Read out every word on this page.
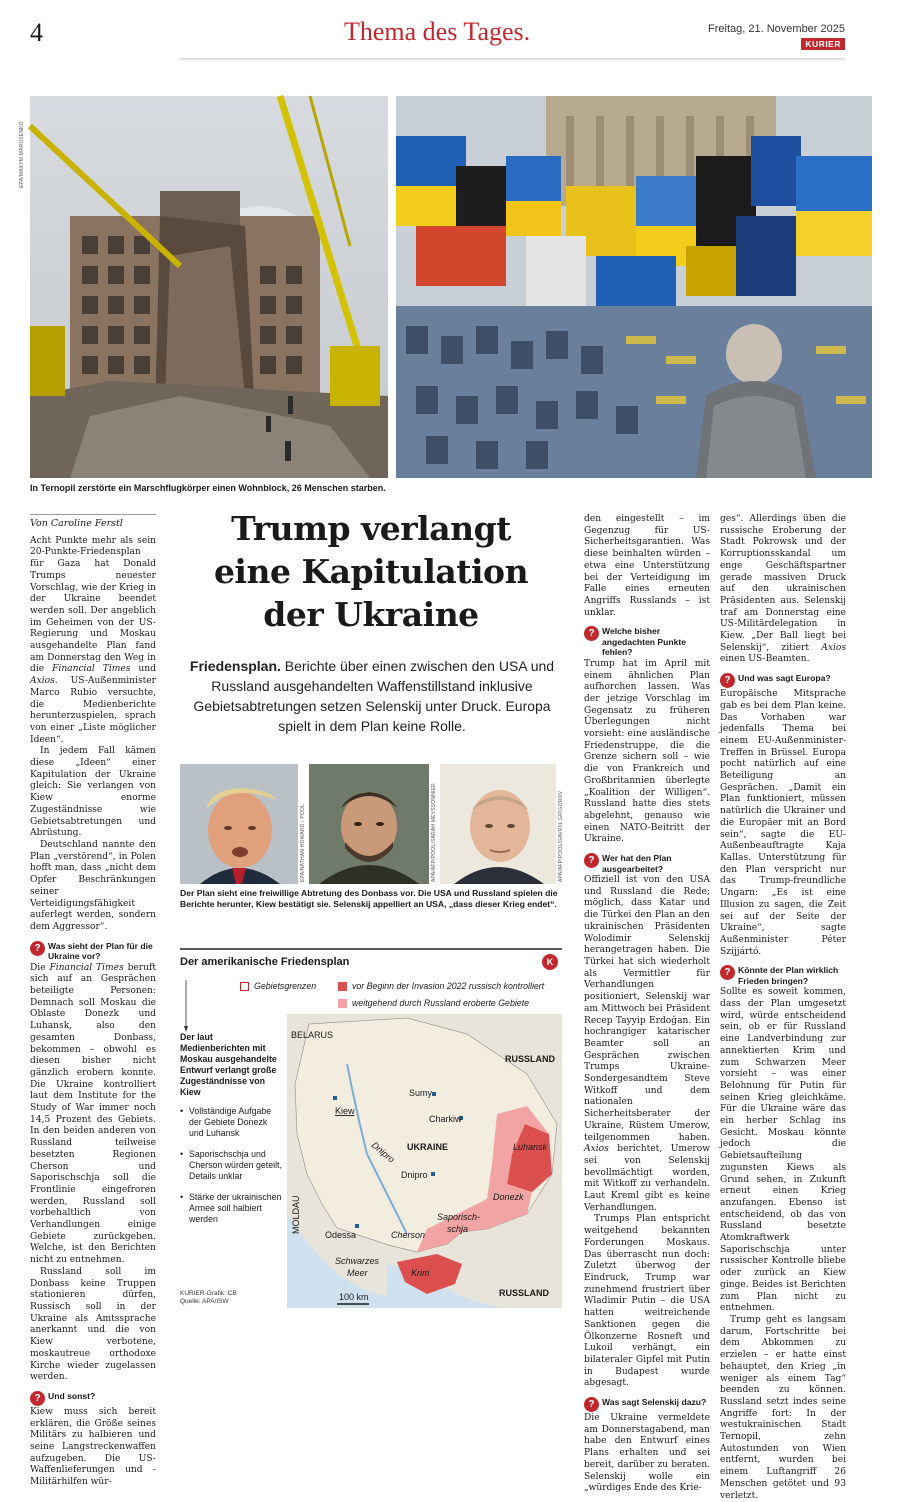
4	Thema des Tages.	Freitag, 21. November 2025
KURIER
EPA/MAXYM MARUSENKO
In Ternopil zerstörte ein Marschflugkörper einen Wohnblock, 26 Menschen starben.
Von Caroline Ferstl

Acht Punkte mehr als sein 20-Punkte-Friedensplan für Gaza hat Donald Trumps neuester Vorschlag, wie der Krieg in der Ukraine beendet werden soll. Der angeblich im Geheimen von der US-Regierung und Moskau ausgehandelte Plan fand am Donnerstag den Weg in die Financial Times und Axios. US-Außenminister Marco Rubio versuchte, die Medienberichte herunterzuspielen, sprach von einer „Liste möglicher Ideen“.

In jedem Fall kämen diese „Ideen“ einer Kapitulation der Ukraine gleich: Sie verlangen von Kiew enorme Zugeständnisse wie Gebietsabtretungen und Abrüstung.

Deutschland nannte den Plan „verstörend“, in Polen hofft man, dass „nicht dem Opfer Beschränkungen seiner Verteidigungsfähigkeit auferlegt werden, sondern dem Aggressor“.

? Was sieht der Plan für die Ukraine vor?

Die Financial Times beruft sich auf an Gesprächen beteiligte Personen: Demnach soll Moskau die Oblaste Donezk und Luhansk, also den gesamten Donbass, bekommen – obwohl es diesen bisher nicht gänzlich erobern konnte. Die Ukraine kontrolliert laut dem Institute for the Study of War immer noch 14,5 Prozent des Gebiets. In den beiden anderen von Russland teilweise besetzten Regionen Cherson und Saporischschja soll die Frontlinie eingefroren werden, Russland soll vorbehaltlich von Verhandlungen einige Gebiete zurückgeben. Welche, ist den Berichten nicht zu entnehmen.

Russland soll im Donbass keine Truppen stationieren dürfen, Russisch soll in der Ukraine als Amtssprache anerkannt und die von Kiew verbotene, moskautreue orthodoxe Kirche wieder zugelassen werden.

? Und sonst?

Kiew muss sich bereit erklären, die Größe seines Militärs zu halbieren und seine Langstreckenwaffen aufzugeben. Die US-Waffenlieferungen und -Militärhilfen wür-

Trump verlangt
eine Kapitulation
der Ukraine
Friedensplan. Berichte über einen zwischen den USA und Russland ausgehandelten Waffenstillstand inklusive Gebietsabtretungen setzen Selenskij unter Druck. Europa spielt in dem Plan keine Rolle.
EPA/NATHAN HOWARD / POOL	APA/AFP/POOL/SARAH MEYSSONNIER	APA/AFP/POOL/GAVRIIL GRIGOROV
Der Plan sieht eine freiwillige Abtretung des Donbass vor. Die USA und Russland spielen die Berichte herunter, Kiew bestätigt sie. Selenskij appelliert an USA, „dass dieser Krieg endet“.
Der amerikanische Friedensplan	K
Gebietsgrenzen	vor Beginn der Invasion 2022 russisch kontrolliert
weitgehend durch Russland eroberte Gebiete
Der laut Medienberichten mit Moskau ausgehandelte Entwurf verlangt große Zugeständnisse von Kiew
• Vollständige Aufgabe der Gebiete Donezk und Luhansk
• Saporischschja und Cherson würden geteilt, Details unklar
• Stärke der ukrainischen Armee soll halbiert werden
KURIER-Grafik: CB
Quelle: APA/ISW
BELARUS
RUSSLAND
RUSSLAND
MOLDAU
UKRAINE
Kiew
Sumy
Charkiw
Dnipro
Dnipro
Luhansk
Donezk
Saporisch-
schja
Cherson
Odessa
Krim
Schwarzes
Meer
100 km

den eingestellt – im Gegenzug für US-Sicherheitsgarantien. Was diese beinhalten würden – etwa eine Unterstützung bei der Verteidigung im Falle eines erneuten Angriffs Russlands – ist unklar.

? Welche bisher angedachten Punkte fehlen?

Trump hat im April mit einem ähnlichen Plan aufhorchen lassen. Was der jetzige Vorschlag im Gegensatz zu früheren Überlegungen nicht vorsieht: eine ausländische Friedenstruppe, die die Grenze sichern soll – wie die von Frankreich und Großbritannien überlegte „Koalition der Willigen“. Russland hatte dies stets abgelehnt, genauso wie einen NATO-Beitritt der Ukraine.

? Wer hat den Plan ausgearbeitet?

Offiziell ist von den USA und Russland die Rede; möglich, dass Katar und die Türkei den Plan an den ukrainischen Präsidenten Wolodimir Selenskij herangetragen haben. Die Türkei hat sich wiederholt als Vermittler für Verhandlungen positioniert, Selenskij war am Mittwoch bei Präsident Recep Tayyip Erdoğan. Ein hochrangiger katarischer Beamter soll an Gesprächen zwischen Trumps Ukraine-Sondergesandtem Steve Witkoff und dem nationalen Sicherheitsberater der Ukraine, Rüstem Umerow, teilgenommen haben. Axios berichtet, Umerow sei von Selenskij bevollmächtigt worden, mit Witkoff zu verhandeln. Laut Kreml gibt es keine Verhandlungen.

Trumps Plan entspricht weitgehend bekannten Forderungen Moskaus. Das überrascht nun doch: Zuletzt überwog der Eindruck, Trump war zunehmend frustriert über Wladimir Putin – die USA hatten weitreichende Sanktionen gegen die Ölkonzerne Rosneft und Lukoil verhängt, ein bilateraler Gipfel mit Putin in Budapest wurde abgesagt.

? Was sagt Selenskij dazu?

Die Ukraine vermeldete am Donnerstagabend, man habe den Entwurf eines Plans erhalten und sei bereit, darüber zu beraten. Selenskij wolle ein „würdiges Ende des Krie-

ges“. Allerdings üben die russische Eroberung der Stadt Pokrowsk und der Korruptionsskandal um enge Geschäftspartner gerade massiven Druck auf den ukrainischen Präsidenten aus. Selenskij traf am Donnerstag eine US-Militärdelegation in Kiew. „Der Ball liegt bei Selenskij“, zitiert Axios einen US-Beamten.

? Und was sagt Europa?

Europäische Mitsprache gab es bei dem Plan keine. Das Vorhaben war jedenfalls Thema bei einem EU-Außenminister-Treffen in Brüssel. Europa pocht natürlich auf eine Beteiligung an Gesprächen. „Damit ein Plan funktioniert, müssen natürlich die Ukrainer und die Europäer mit an Bord sein“, sagte die EU-Außenbeauftragte Kaja Kallas. Unterstützung für den Plan verspricht nur das Trump-freundliche Ungarn: „Es ist eine Illusion zu sagen, die Zeit sei auf der Seite der Ukraine“, sagte Außenminister Péter Szijjártó.

? Könnte der Plan wirklich Frieden bringen?

Sollte es soweit kommen, dass der Plan umgesetzt wird, würde entscheidend sein, ob er für Russland eine Landverbindung zur annektierten Krim und zum Schwarzen Meer vorsieht – was einer Belohnung für Putin für seinen Krieg gleichkäme. Für die Ukraine wäre das ein herber Schlag ins Gesicht. Moskau könnte jedoch die Gebietsaufteilung zugunsten Kiews als Grund sehen, in Zukunft erneut einen Krieg anzufangen. Ebenso ist entscheidend, ob das von Russland besetzte Atomkraftwerk Saporischschja unter russischer Kontrolle bliebe oder zurück an Kiew ginge. Beides ist Berichten zum Plan nicht zu entnehmen.

Trump geht es langsam darum, Fortschritte bei dem Abkommen zu erzielen – er hatte einst behauptet, den Krieg „in weniger als einem Tag“ beenden zu können. Russland setzt indes seine Angriffe fort: In der westukrainischen Stadt Ternopil, zehn Autostunden von Wien entfernt, wurden bei einem Luftangriff 26 Menschen getötet und 93 verletzt.
